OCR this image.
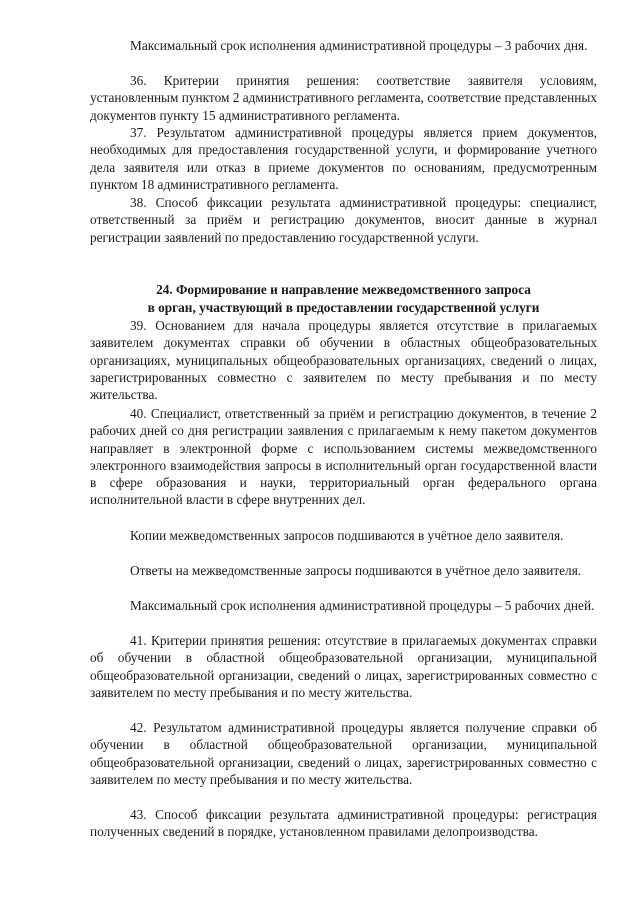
Максимальный срок исполнения административной процедуры – 3 рабочих дня.

36. Критерии принятия решения: соответствие заявителя условиям, установленным пунктом 2 административного регламента, соответствие представленных документов пункту 15 административного регламента.

37. Результатом административной процедуры является прием документов, необходимых для предоставления государственной услуги, и формирование учетного дела заявителя или отказ в приеме документов по основаниям, предусмотренным пунктом 18 административного регламента.

38. Способ фиксации результата административной процедуры: специалист, ответственный за приём и регистрацию документов, вносит данные в журнал регистрации заявлений по предоставлению государственной услуги.

24. Формирование и направление межведомственного запроса

в орган, участвующий в предоставлении государственной услуги

39. Основанием для начала процедуры является отсутствие в прилагаемых заявителем документах справки об обучении в областных общеобразовательных организациях, муниципальных общеобразовательных организациях, сведений о лицах, зарегистрированных совместно с заявителем по месту пребывания и по месту жительства.

40. Специалист, ответственный за приём и регистрацию документов, в течение 2 рабочих дней со дня регистрации заявления с прилагаемым к нему пакетом документов направляет в электронной форме с использованием системы межведомственного электронного взаимодействия запросы в исполнительный орган государственной власти в сфере образования и науки, территориальный орган федерального органа исполнительной власти в сфере внутренних дел.

Копии межведомственных запросов подшиваются в учётное дело заявителя.

Ответы на межведомственные запросы подшиваются в учётное дело заявителя.

Максимальный срок исполнения административной процедуры – 5 рабочих дней.

41. Критерии принятия решения: отсутствие в прилагаемых документах справки об обучении в областной общеобразовательной организации, муниципальной общеобразовательной организации, сведений о лицах, зарегистрированных совместно с заявителем по месту пребывания и по месту жительства.

42. Результатом административной процедуры является получение справки об обучении в областной общеобразовательной организации, муниципальной общеобразовательной организации, сведений о лицах, зарегистрированных совместно с заявителем по месту пребывания и по месту жительства.

43. Способ фиксации результата административной процедуры: регистрация полученных сведений в порядке, установленном правилами делопроизводства.
